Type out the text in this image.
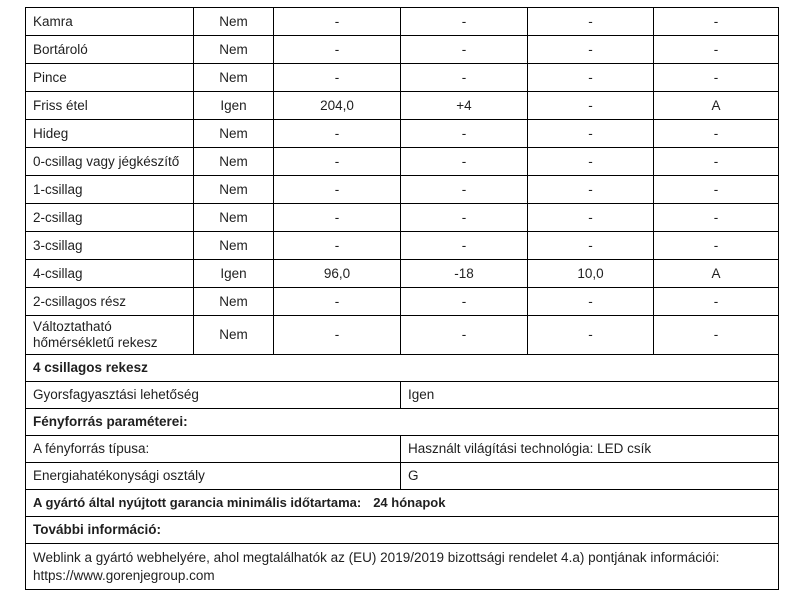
Kamra	Nem	-	-	-	-
Bortároló	Nem	-	-	-	-
Pince	Nem	-	-	-	-
Friss étel	Igen	204,0	+4	-	A
Hideg	Nem	-	-	-	-
0-csillag vagy jégkészítő	Nem	-	-	-	-
1-csillag	Nem	-	-	-	-
2-csillag	Nem	-	-	-	-
3-csillag	Nem	-	-	-	-
4-csillag	Igen	96,0	-18	10,0	A
2-csillagos rész	Nem	-	-	-	-
Változtatható hőmérsékletű rekesz	Nem	-	-	-	-
4 csillagos rekesz					
Gyorsfagyasztási lehetőség			Igen		
Fényforrás paraméterei:					
A fényforrás típusa:			Használt világítási technológia: LED csík		
Energiahatékonysági osztály			G		
A gyártó által nyújtott garancia minimális időtartama: 24 hónapok					
További információ:					

Weblink a gyártó webhelyére, ahol megtalálhatók az (EU) 2019/2019 bizottsági rendelet 4.a) pontjának információi:
https://www.gorenjegroup.com					
